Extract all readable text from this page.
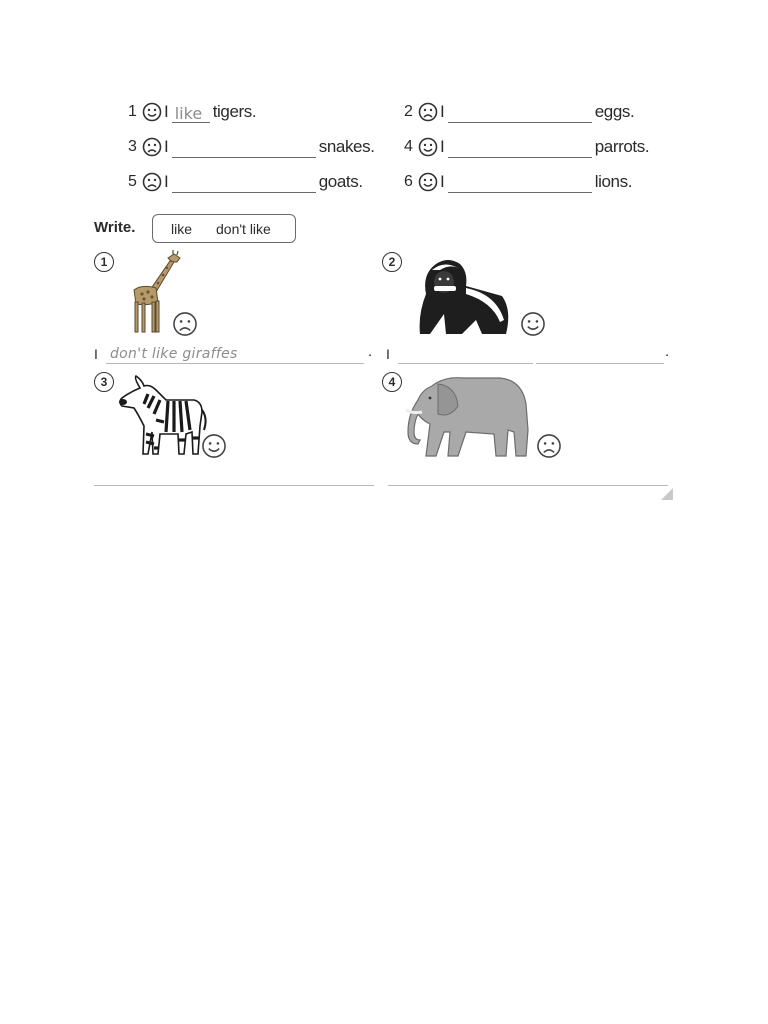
1	I like tigers.	2	I	eggs.
3	I	snakes. 4	I	parrots.
5	I	goats.	6	I	lions.
Write.	like don't like
1	2
I don't like giraffes	. I	.
3	4
